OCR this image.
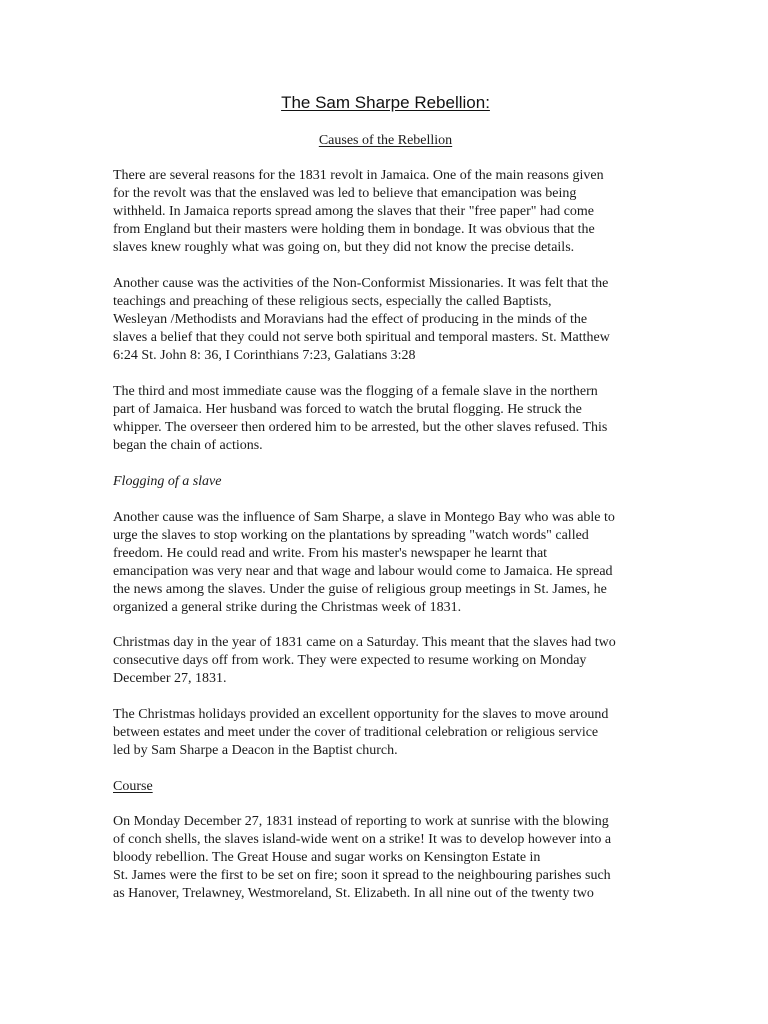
The Sam Sharpe Rebellion:
Causes of the Rebellion
There are several reasons for the 1831 revolt in Jamaica. One of the main reasons given
for the revolt was that the enslaved was led to believe that emancipation was being
withheld. In Jamaica reports spread among the slaves that their "free paper" had come
from England but their masters were holding them in bondage. It was obvious that the
slaves knew roughly what was going on, but they did not know the precise details.
Another cause was the activities of the Non-Conformist Missionaries. It was felt that the
teachings and preaching of these religious sects, especially the called Baptists,
Wesleyan /Methodists and Moravians had the effect of producing in the minds of the
slaves a belief that they could not serve both spiritual and temporal masters. St. Matthew
6:24 St. John 8: 36, I Corinthians 7:23, Galatians 3:28
The third and most immediate cause was the flogging of a female slave in the northern
part of Jamaica. Her husband was forced to watch the brutal flogging. He struck the
whipper. The overseer then ordered him to be arrested, but the other slaves refused. This
began the chain of actions.
Flogging of a slave
Another cause was the influence of Sam Sharpe, a slave in Montego Bay who was able to
urge the slaves to stop working on the plantations by spreading "watch words" called
freedom. He could read and write. From his master's newspaper he learnt that
emancipation was very near and that wage and labour would come to Jamaica. He spread
the news among the slaves. Under the guise of religious group meetings in St. James, he
organized a general strike during the Christmas week of 1831.
Christmas day in the year of 1831 came on a Saturday. This meant that the slaves had two
consecutive days off from work. They were expected to resume working on Monday
December 27, 1831.
The Christmas holidays provided an excellent opportunity for the slaves to move around
between estates and meet under the cover of traditional celebration or religious service
led by Sam Sharpe a Deacon in the Baptist church.
Course
On Monday December 27, 1831 instead of reporting to work at sunrise with the blowing
of conch shells, the slaves island-wide went on a strike! It was to develop however into a
bloody rebellion. The Great House and sugar works on Kensington Estate in
St. James were the first to be set on fire; soon it spread to the neighbouring parishes such
as Hanover, Trelawney, Westmoreland, St. Elizabeth. In all nine out of the twenty two
